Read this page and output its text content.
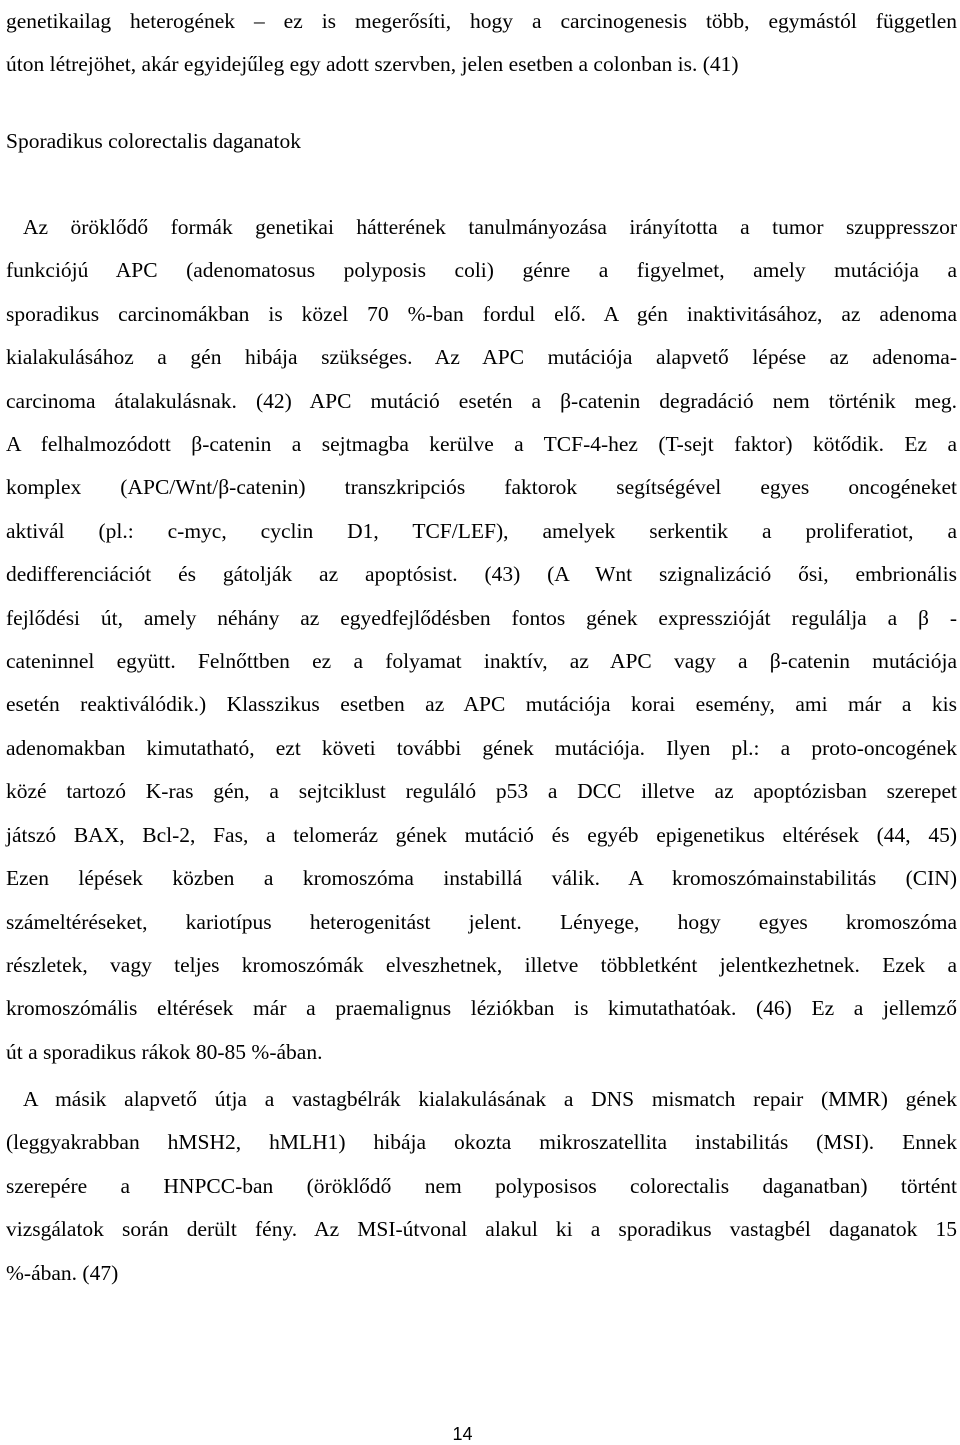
genetikailag heterogének – ez is megerősíti, hogy a carcinogenesis több, egymástól független
úton létrejöhet, akár egyidejűleg egy adott szervben, jelen esetben a colonban is. (41)
Sporadikus colorectalis daganatok
Az öröklődő formák genetikai hátterének tanulmányozása irányította a tumor szuppresszor
funkciójú APC (adenomatosus polyposis coli) génre a figyelmet, amely mutációja a
sporadikus carcinomákban is közel 70 %-ban fordul elő. A gén inaktivitásához, az adenoma
kialakulásához a gén hibája szükséges. Az APC mutációja alapvető lépése az adenoma-
carcinoma átalakulásnak. (42) APC mutáció esetén a β-catenin degradáció nem történik meg.
A felhalmozódott β-catenin a sejtmagba kerülve a TCF-4-hez (T-sejt faktor) kötődik. Ez a
komplex (APC/Wnt/β-catenin) transzkripciós faktorok segítségével egyes oncogéneket
aktivál (pl.: c-myc, cyclin D1, TCF/LEF), amelyek serkentik a proliferatiot, a
dedifferenciációt és gátolják az apoptósist. (43) (A Wnt szignalizáció ősi, embrionális
fejlődési út, amely néhány az egyedfejlődésben fontos gének expresszióját regulálja a β -
cateninnel együtt. Felnőttben ez a folyamat inaktív, az APC vagy a β-catenin mutációja
esetén reaktiválódik.) Klasszikus esetben az APC mutációja korai esemény, ami már a kis
adenomakban kimutatható, ezt követi további gének mutációja. Ilyen pl.: a proto-oncogének
közé tartozó K-ras gén, a sejtciklust reguláló p53 a DCC illetve az apoptózisban szerepet
játszó BAX, Bcl-2, Fas, a telomeráz gének mutáció és egyéb epigenetikus eltérések (44, 45)
Ezen lépések közben a kromoszóma instabillá válik. A kromoszómainstabilitás (CIN)
számeltéréseket, kariotípus heterogenitást jelent. Lényege, hogy egyes kromoszóma
részletek, vagy teljes kromoszómák elveszhetnek, illetve többletként jelentkezhetnek. Ezek a
kromoszómális eltérések már a praemalignus léziókban is kimutathatóak. (46) Ez a jellemző
út a sporadikus rákok 80-85 %-ában.
A másik alapvető útja a vastagbélrák kialakulásának a DNS mismatch repair (MMR) gének
(leggyakrabban hMSH2, hMLH1) hibája okozta mikroszatellita instabilitás (MSI). Ennek
szerepére a HNPCC-ban (öröklődő nem polyposisos colorectalis daganatban) történt
vizsgálatok során derült fény. Az MSI-útvonal alakul ki a sporadikus vastagbél daganatok 15
%-ában. (47)
14
